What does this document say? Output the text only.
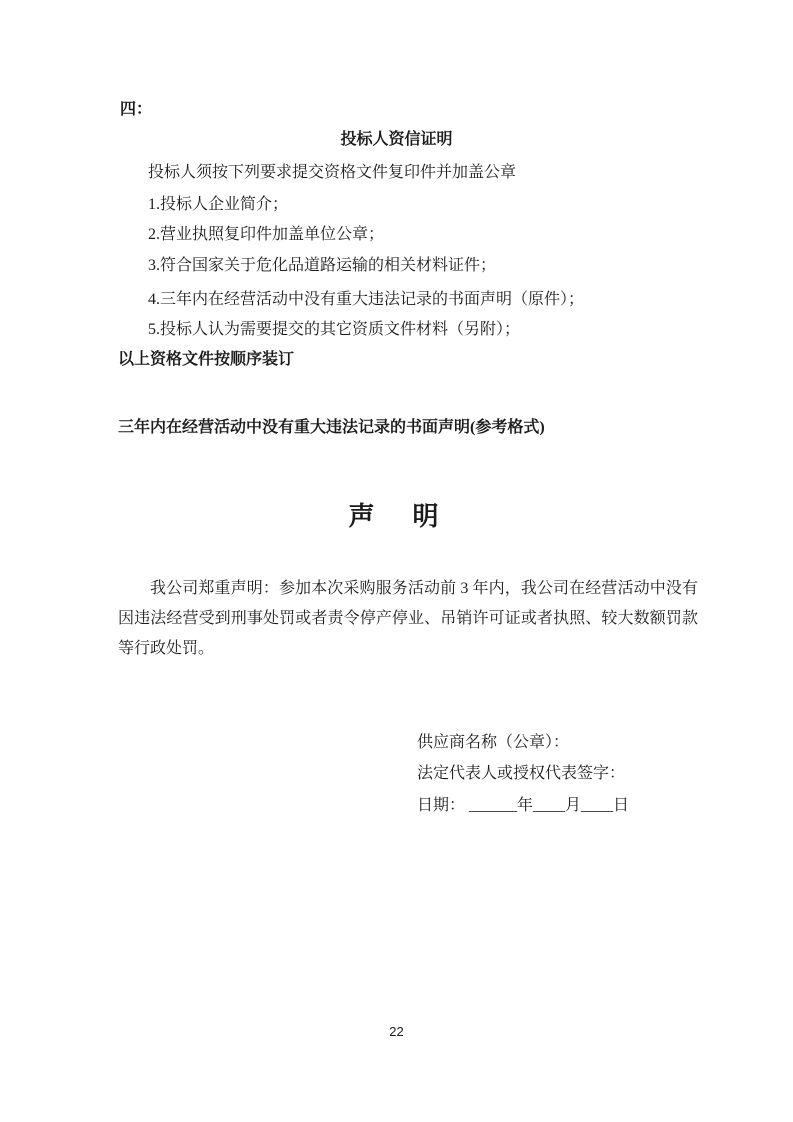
四：
投标人资信证明
投标人须按下列要求提交资格文件复印件并加盖公章
1.投标人企业简介；
2.营业执照复印件加盖单位公章；
3.符合国家关于危化品道路运输的相关材料证件；
4.三年内在经营活动中没有重大违法记录的书面声明（原件）；
5.投标人认为需要提交的其它资质文件材料（另附）；
以上资格文件按顺序装订
三年内在经营活动中没有重大违法记录的书面声明(参考格式)
声　明
我公司郑重声明：参加本次采购服务活动前 3 年内，我公司在经营活动中没有因违法经营受到刑事处罚或者责令停产停业、吊销许可证或者执照、较大数额罚款等行政处罚。
供应商名称（公章）：
法定代表人或授权代表签字：
日期： ______年____月____日
22
